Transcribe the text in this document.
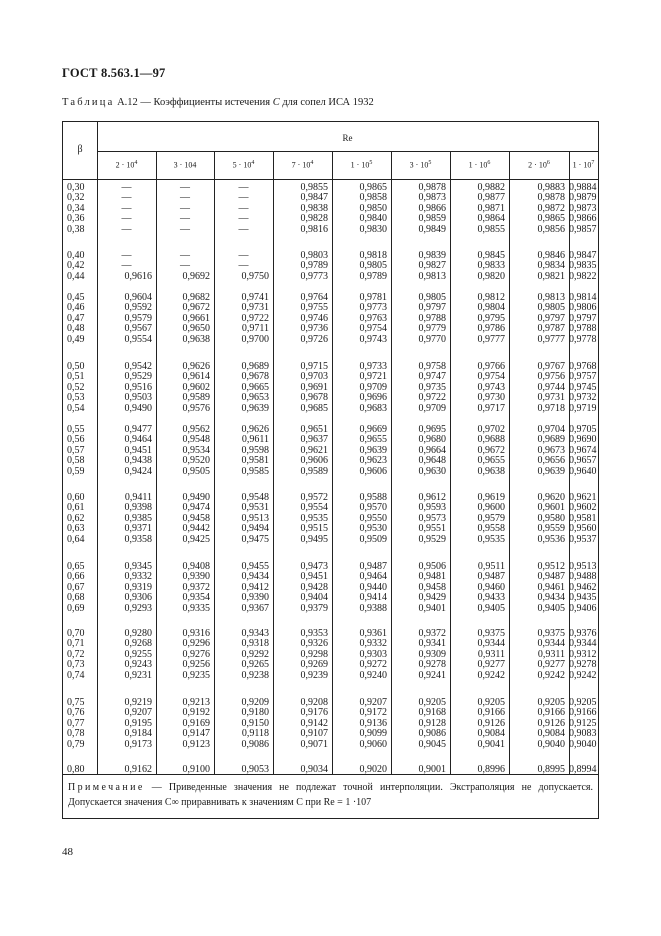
ГОСТ 8.563.1—97
Таблица А.12 — Коэффициенты истечения C для сопел ИСА 1932
β
Re
$2 \cdot 10^4$	3 · 104	$5 \cdot 10^4$	$7 \cdot 10^4$	$1 \cdot 10^5$	$3 \cdot 10^5$	$1 \cdot 10^6$	$2 \cdot 10^6$	$1 \cdot 10^7$
0,30	—	—	—	0,9855	0,9865	0,9878	0,9882	0,9883 0,9884
0,32	—	—	—	0,9847	0,9858	0,9873	0,9877	0,9878 0,9879
0,34	—	—	—	0,9838	0,9850	0,9866	0,9871	0,9872 0,9873
0,36	—	—	—	0,9828	0,9840	0,9859	0,9864	0,9865 0,9866
0,38	—	—	—	0,9816	0,9830	0,9849	0,9855	0,9856 0,9857
0,40	—	—	—	0,9803	0,9818	0,9839	0,9845	0,9846 0,9847
0,42	—	—	—	0,9789	0,9805	0,9827	0,9833	0,9834 0,9835
0,44	0,9616	0,9692	0,9750	0,9773	0,9789	0,9813	0,9820	0,9821 0,9822
0,45	0,9604	0,9682	0,9741	0,9764	0,9781	0,9805	0,9812	0,9813 0,9814
0,46	0,9592	0,9672	0,9731	0,9755	0,9773	0,9797	0,9804	0,9805 0,9806
0,47	0,9579	0,9661	0,9722	0,9746	0,9763	0,9788	0,9795	0,9797 0,9797
0,48	0,9567	0,9650	0,9711	0,9736	0,9754	0,9779	0,9786	0,9787 0,9788
0,49	0,9554	0,9638	0,9700	0,9726	0,9743	0,9770	0,9777	0,9777 0,9778
0,50	0,9542	0,9626	0,9689	0,9715	0,9733	0,9758	0,9766	0,9767 0,9768
0,51	0,9529	0,9614	0,9678	0,9703	0,9721	0,9747	0,9754	0,9756 0,9757
0,52	0,9516	0,9602	0,9665	0,9691	0,9709	0,9735	0,9743	0,9744 0,9745
0,53	0,9503	0,9589	0,9653	0,9678	0,9696	0,9722	0,9730	0,9731 0,9732
0,54	0,9490	0,9576	0,9639	0,9685	0,9683	0,9709	0,9717	0,9718 0,9719
0,55	0,9477	0,9562	0,9626	0,9651	0,9669	0,9695	0,9702	0,9704 0,9705
0,56	0,9464	0,9548	0,9611	0,9637	0,9655	0,9680	0,9688	0,9689 0,9690
0,57	0,9451	0,9534	0,9598	0,9621	0,9639	0,9664	0,9672	0,9673 0,9674
0,58	0,9438	0,9520	0,9581	0,9606	0,9623	0,9648	0,9655	0,9656 0,9657
0,59	0,9424	0,9505	0,9585	0,9589	0,9606	0,9630	0,9638	0,9639 0,9640
0,60	0,9411	0,9490	0,9548	0,9572	0,9588	0,9612	0,9619	0,9620 0,9621
0,61	0,9398	0,9474	0,9531	0,9554	0,9570	0,9593	0,9600	0,9601 0,9602
0,62	0,9385	0,9458	0,9513	0,9535	0,9550	0,9573	0,9579	0,9580 0,9581
0,63	0,9371	0,9442	0,9494	0,9515	0,9530	0,9551	0,9558	0,9559 0,9560
0,64	0,9358	0,9425	0,9475	0,9495	0,9509	0,9529	0,9535	0,9536 0,9537
0,65	0,9345	0,9408	0,9455	0,9473	0,9487	0,9506	0,9511	0,9512 0,9513
0,66	0,9332	0,9390	0,9434	0,9451	0,9464	0,9481	0,9487	0,9487 0,9488
0,67	0,9319	0,9372	0,9412	0,9428	0,9440	0,9458	0,9460	0,9461 0,9462
0,68	0,9306	0,9354	0,9390	0,9404	0,9414	0,9429	0,9433	0,9434 0,9435
0,69	0,9293	0,9335	0,9367	0,9379	0,9388	0,9401	0,9405	0,9405 0,9406
0,70	0,9280	0,9316	0,9343	0,9353	0,9361	0,9372	0,9375	0,9375 0,9376
0,71	0,9268	0,9296	0,9318	0,9326	0,9332	0,9341	0,9344	0,9344 0,9344
0,72	0,9255	0,9276	0,9292	0,9298	0,9303	0,9309	0,9311	0,9311 0,9312
0,73	0,9243	0,9256	0,9265	0,9269	0,9272	0,9278	0,9277	0,9277 0,9278
0,74	0,9231	0,9235	0,9238	0,9239	0,9240	0,9241	0,9242	0,9242 0,9242
0,75	0,9219	0,9213	0,9209	0,9208	0,9207	0,9205	0,9205	0,9205 0,9205
0,76	0,9207	0,9192	0,9180	0,9176	0,9172	0,9168	0,9166	0,9166 0,9166
0,77	0,9195	0,9169	0,9150	0,9142	0,9136	0,9128	0,9126	0,9126 0,9125
0,78	0,9184	0,9147	0,9118	0,9107	0,9099	0,9086	0,9084	0,9084 0,9083
0,79	0,9173	0,9123	0,9086	0,9071	0,9060	0,9045	0,9041	0,9040 0,9040
0,80	0,9162	0,9100	0,9053	0,9034	0,9020	0,9001	0,8996	0,8995 0,8994
Примечание — Приведенные значения не подлежат точной интерполяции. Экстраполяция не допускается. Допускается значения C∞ приравнивать к значениям C при Re = 1 ·107
48
